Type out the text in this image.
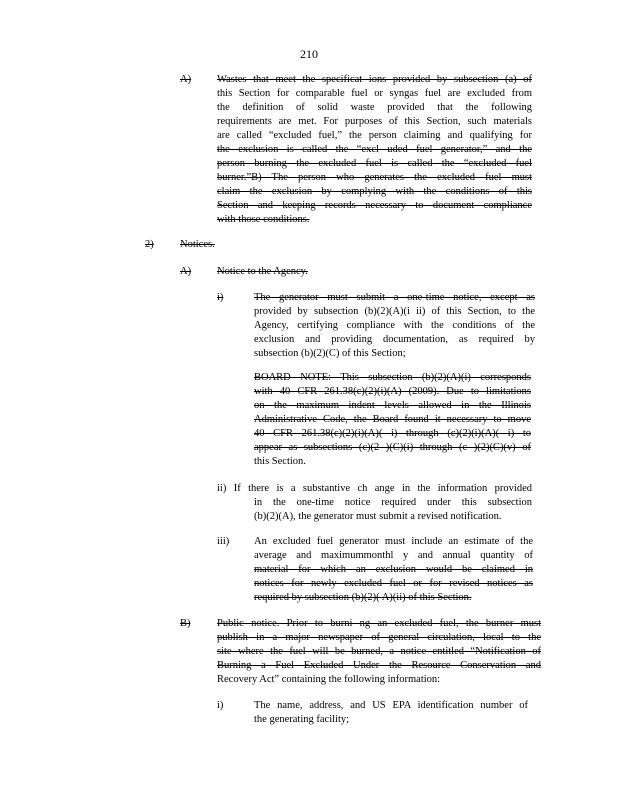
210
A) Wastes that meet the specificat ions provided by subsection (a) of
this Section for comparable fuel or syngas fuel are excluded from
the definition of solid waste provided that the following
requirements are met. For purposes of this Section, such materials
are called “excluded fuel,” the person claiming and qualifying for
the exclusion is called the “excl uded fuel generator,” and the
person burning the excluded fuel is called the “excluded fuel
burner.”B) The person who generates the excluded fuel must
claim the exclusion by complying with the conditions of this
Section and keeping records necessary to document compliance
with those conditions.
2)	Notices.
A) Notice to the Agency.
i)	The generator must submit a one-time notice, except as
provided by subsection (b)(2)(A)(i ii) of this Section, to the
Agency, certifying compliance with the conditions of the
exclusion and providing documentation, as required by
subsection (b)(2)(C) of this Section;
BOARD NOTE: This subsection (b)(2)(A)(i) corresponds
with 40 CFR 261.38(c)(2)(i)(A) (2009). Due to limitations
on the maximum indent levels allowed in the Illinois
Administrative Code, the Board found it necessary to move
40 CFR 261.38(c)(2)(i)(A)( i) through (c)(2)(i)(A)( i) to
appear as subsections (c)(2 )(C)(i) through (c )(2)(C)(v) of
this Section.
ii) If there is a substantive ch ange in the information provided
in the one-time notice required under this subsection
(b)(2)(A), the generator must submit a revised notification.
iii) An excluded fuel generator must include an estimate of the
average and maximummonthl y and annual quantity of
material for which an exclusion would be claimed in
notices for newly excluded fuel or for revised notices as
required by subsection (b)(2)( A)(ii) of this Section.
B)	Public notice. Prior to burni ng an excluded fuel, the burner must
publish in a major newspaper of general circulation, local to the
site where the fuel will be burned, a notice entitled “Notification of
Burning a Fuel Excluded Under the Resource Conservation and
Recovery Act” containing the following information:
i)	The name, address, and US EPA identification number of
the generating facility;
